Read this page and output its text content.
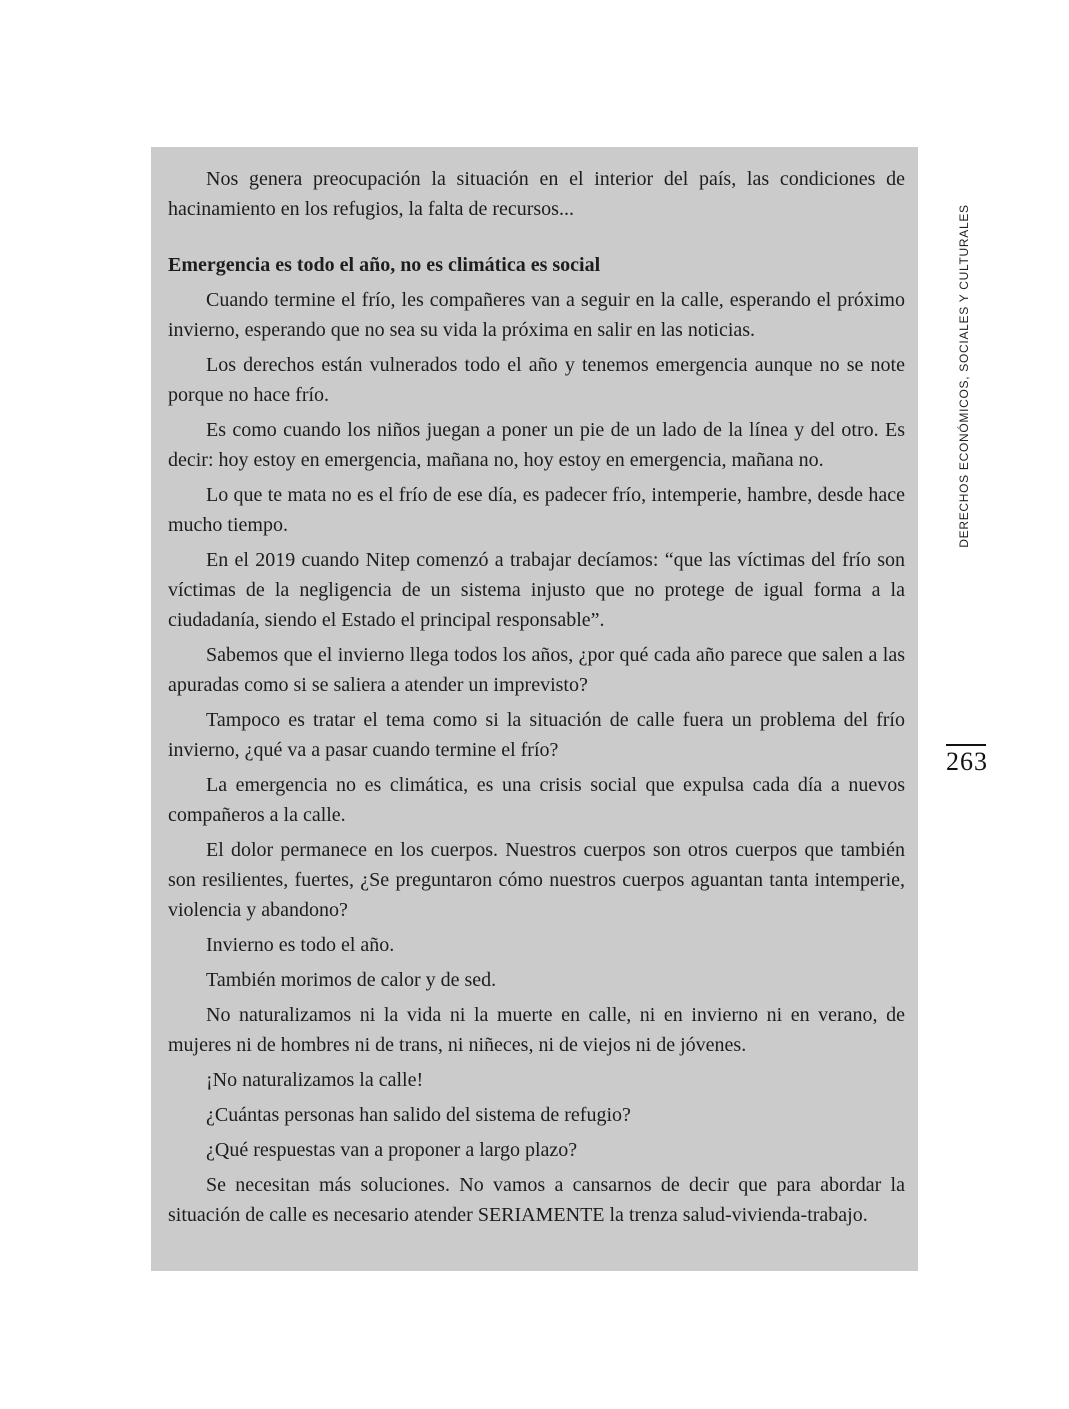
Nos genera preocupación la situación en el interior del país, las condiciones de hacinamiento en los refugios, la falta de recursos...

Emergencia es todo el año, no es climática es social

Cuando termine el frío, les compañeres van a seguir en la calle, esperando el próximo invierno, esperando que no sea su vida la próxima en salir en las noticias.

Los derechos están vulnerados todo el año y tenemos emergencia aunque no se note porque no hace frío.

Es como cuando los niños juegan a poner un pie de un lado de la línea y del otro. Es decir: hoy estoy en emergencia, mañana no, hoy estoy en emergencia, mañana no.

Lo que te mata no es el frío de ese día, es padecer frío, intemperie, hambre, desde hace mucho tiempo.

En el 2019 cuando Nitep comenzó a trabajar decíamos: “que las víctimas del frío son víctimas de la negligencia de un sistema injusto que no protege de igual forma a la ciudadanía, siendo el Estado el principal responsable”.

Sabemos que el invierno llega todos los años, ¿por qué cada año parece que salen a las apuradas como si se saliera a atender un imprevisto?

Tampoco es tratar el tema como si la situación de calle fuera un problema del frío invierno, ¿qué va a pasar cuando termine el frío?

La emergencia no es climática, es una crisis social que expulsa cada día a nuevos compañeros a la calle.

El dolor permanece en los cuerpos. Nuestros cuerpos son otros cuerpos que también son resilientes, fuertes, ¿Se preguntaron cómo nuestros cuerpos aguantan tanta intemperie, violencia y abandono?

Invierno es todo el año.

También morimos de calor y de sed.

No naturalizamos ni la vida ni la muerte en calle, ni en invierno ni en verano, de mujeres ni de hombres ni de trans, ni niñeces, ni de viejos ni de jóvenes.

¡No naturalizamos la calle!

¿Cuántas personas han salido del sistema de refugio?

¿Qué respuestas van a proponer a largo plazo?

Se necesitan más soluciones. No vamos a cansarnos de decir que para abordar la situación de calle es necesario atender SERIAMENTE la trenza salud-vivienda-trabajo.

DERECHOS ECONÓMICOS, SOCIALES Y CULTURALES
263
